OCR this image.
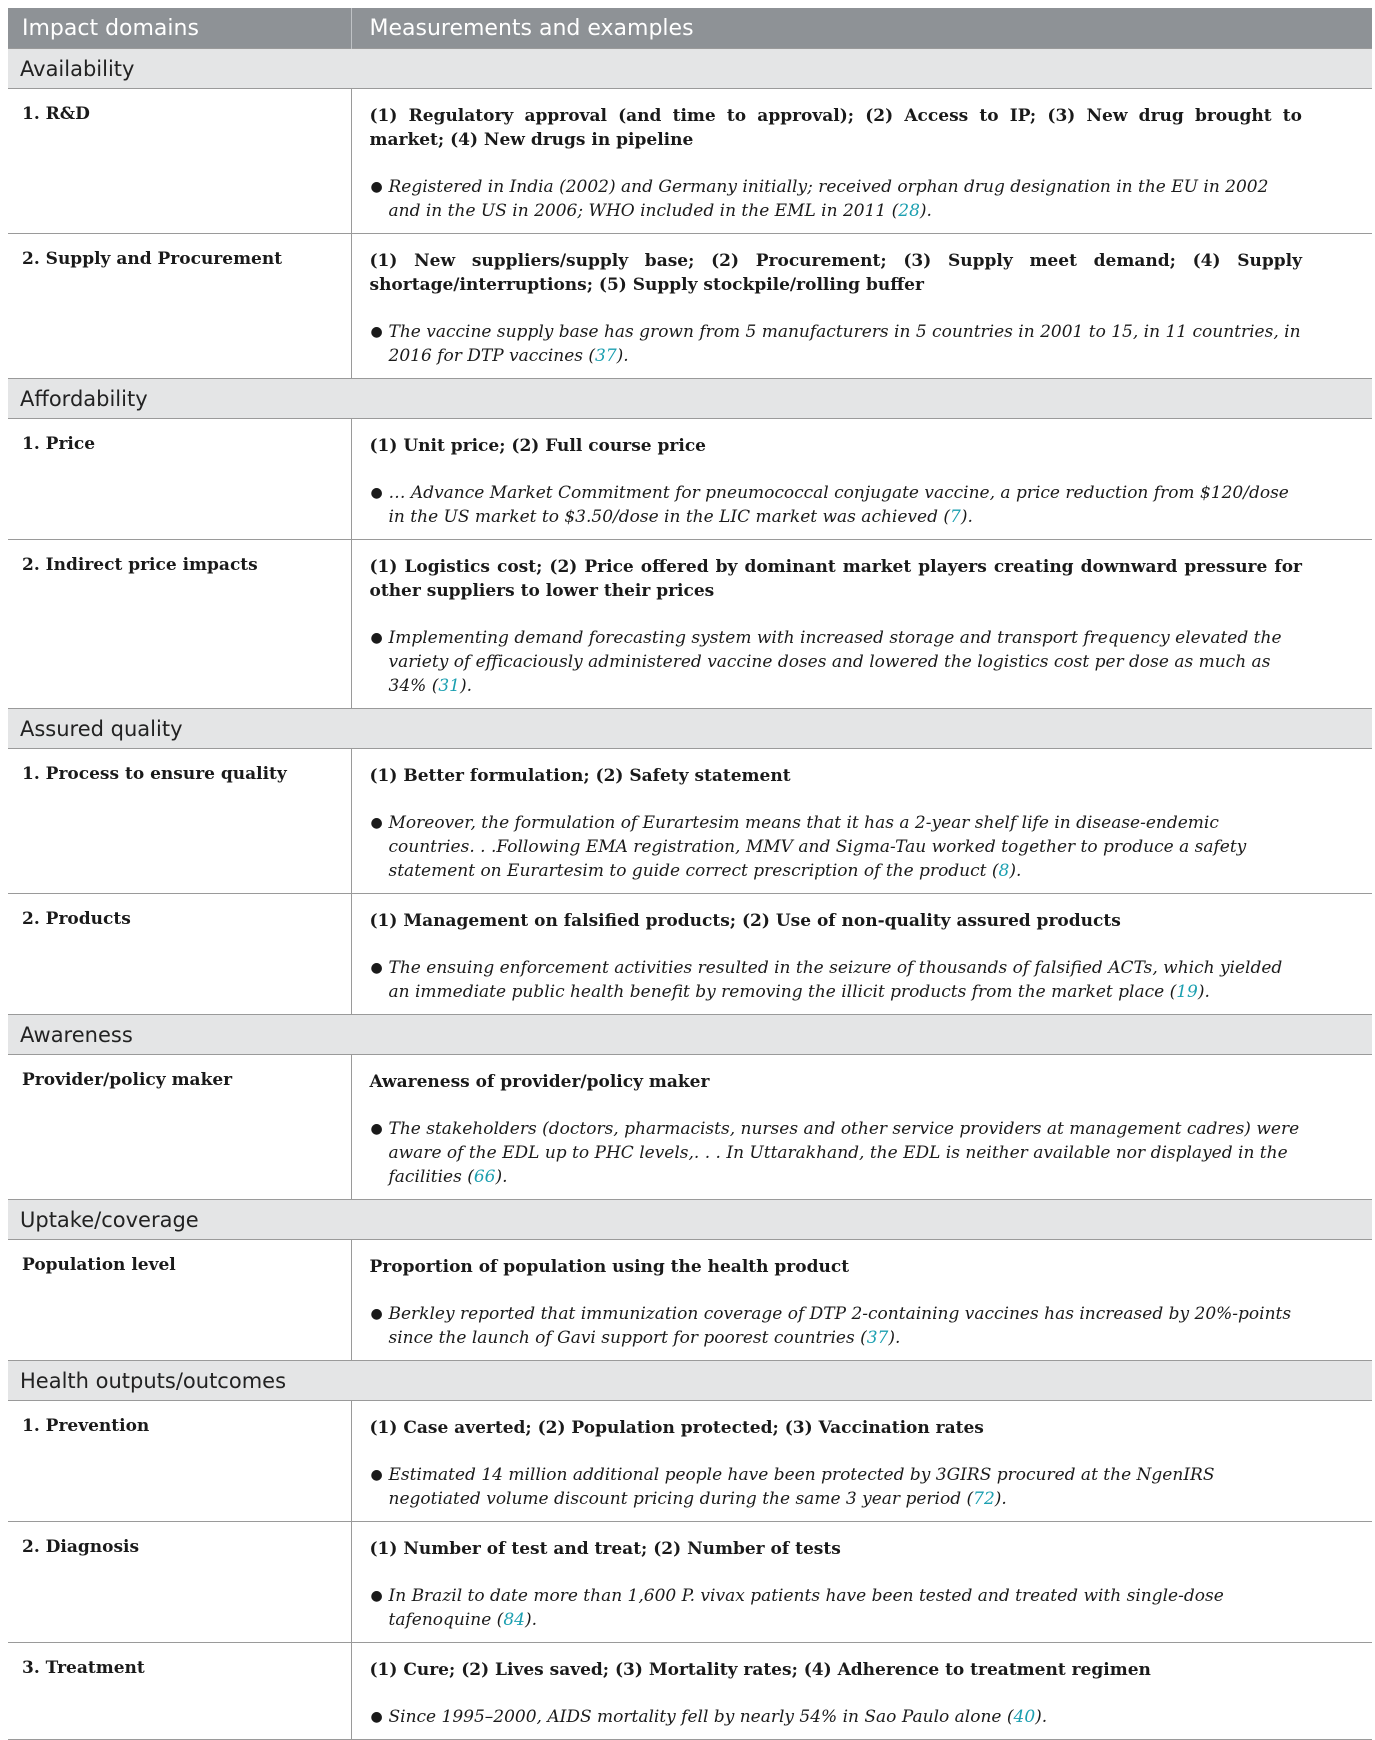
Impact domains	Measurements and examples
Availability	
1. R&D	(1) Regulatory approval (and time to approval); (2) Access to IP; (3) New drug brought to market; (4) New drugs in pipeline
● Registered in India (2002) and Germany initially; received orphan drug designation in the EU in 2002 and in the US in 2006; WHO included in the EML in 2011 (28).

2. Supply and Procurement	(1) New suppliers/supply base; (2) Procurement; (3) Supply meet demand; (4) Supply shortage/interruptions; (5) Supply stockpile/rolling buffer
● The vaccine supply base has grown from 5 manufacturers in 5 countries in 2001 to 15, in 11 countries, in 2016 for DTP vaccines (37).

Affordability	
1. Price	(1) Unit price; (2) Full course price
● … Advance Market Commitment for pneumococcal conjugate vaccine, a price reduction from $120/dose in the US market to $3.50/dose in the LIC market was achieved (7).

2. Indirect price impacts	(1) Logistics cost; (2) Price offered by dominant market players creating downward pressure for other suppliers to lower their prices
● Implementing demand forecasting system with increased storage and transport frequency elevated the variety of efficaciously administered vaccine doses and lowered the logistics cost per dose as much as 34% (31).

Assured quality	
1. Process to ensure quality	(1) Better formulation; (2) Safety statement
● Moreover, the formulation of Eurartesim means that it has a 2-year shelf life in disease-endemic countries. . .Following EMA registration, MMV and Sigma-Tau worked together to produce a safety statement on Eurartesim to guide correct prescription of the product (8).

2. Products	(1) Management on falsified products; (2) Use of non-quality assured products
● The ensuing enforcement activities resulted in the seizure of thousands of falsified ACTs, which yielded an immediate public health benefit by removing the illicit products from the market place (19).

Awareness	
Provider/policy maker	Awareness of provider/policy maker
● The stakeholders (doctors, pharmacists, nurses and other service providers at management cadres) were aware of the EDL up to PHC levels,. . . In Uttarakhand, the EDL is neither available nor displayed in the facilities (66).

Uptake/coverage	
Population level	Proportion of population using the health product
● Berkley reported that immunization coverage of DTP 2-containing vaccines has increased by 20%-points since the launch of Gavi support for poorest countries (37).

Health outputs/outcomes	
1. Prevention	(1) Case averted; (2) Population protected; (3) Vaccination rates
● Estimated 14 million additional people have been protected by 3GIRS procured at the NgenIRS negotiated volume discount pricing during the same 3 year period (72).

2. Diagnosis	(1) Number of test and treat; (2) Number of tests
● In Brazil to date more than 1,600 P. vivax patients have been tested and treated with single-dose tafenoquine (84).

3. Treatment	(1) Cure; (2) Lives saved; (3) Mortality rates; (4) Adherence to treatment regimen
● Since 1995–2000, AIDS mortality fell by nearly 54% in Sao Paulo alone (40).
